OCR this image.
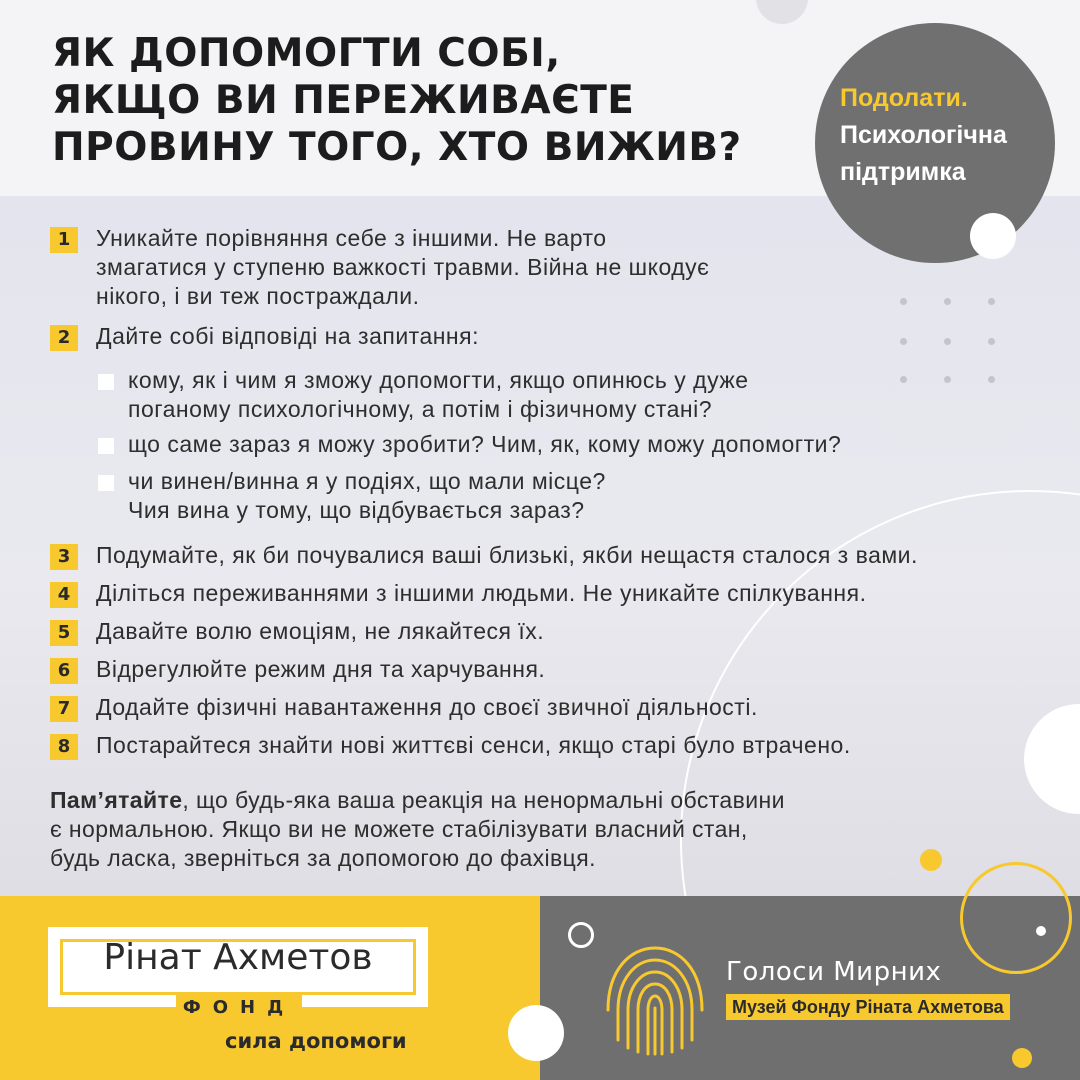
ЯК ДОПОМОГТИ СОБІ,
ЯКЩО ВИ ПЕРЕЖИВАЄТЕ
ПРОВИНУ ТОГО, ХТО ВИЖИВ?
Подолати.
Психологічна підтримка
1	Уникайте порівняння себе з іншими. Не варто
змагатися у ступеню важкості травми. Війна не шкодує
нікого, і ви теж постраждали.
2	Дайте собі відповіді на запитання:
кому, як і чим я зможу допомогти, якщо опинюсь у дуже
поганому психологічному, а потім і фізичному стані?
що саме зараз я можу зробити? Чим, як, кому можу допомогти?
чи винен/винна я у подіях, що мали місце?
Чия вина у тому, що відбувається зараз?
3	Подумайте, як би почувалися ваші близькі, якби нещастя сталося з вами.
4	Діліться переживаннями з іншими людьми. Не уникайте спілкування.
5	Давайте волю емоціям, не лякайтеся їх.
6	Відрегулюйте режим дня та харчування.
7	Додайте фізичні навантаження до своєї звичної діяльності.
8	Постарайтеся знайти нові життєві сенси, якщо старі було втрачено.
Пам’ятайте, що будь-яка ваша реакція на ненормальні обставини
є нормальною. Якщо ви не можете стабілізувати власний стан,
будь ласка, зверніться за допомогою до фахівця.
Рінат Ахметов
ФОНД
сила допомоги
Голоси Мирних
Музей Фонду Ріната Ахметова
